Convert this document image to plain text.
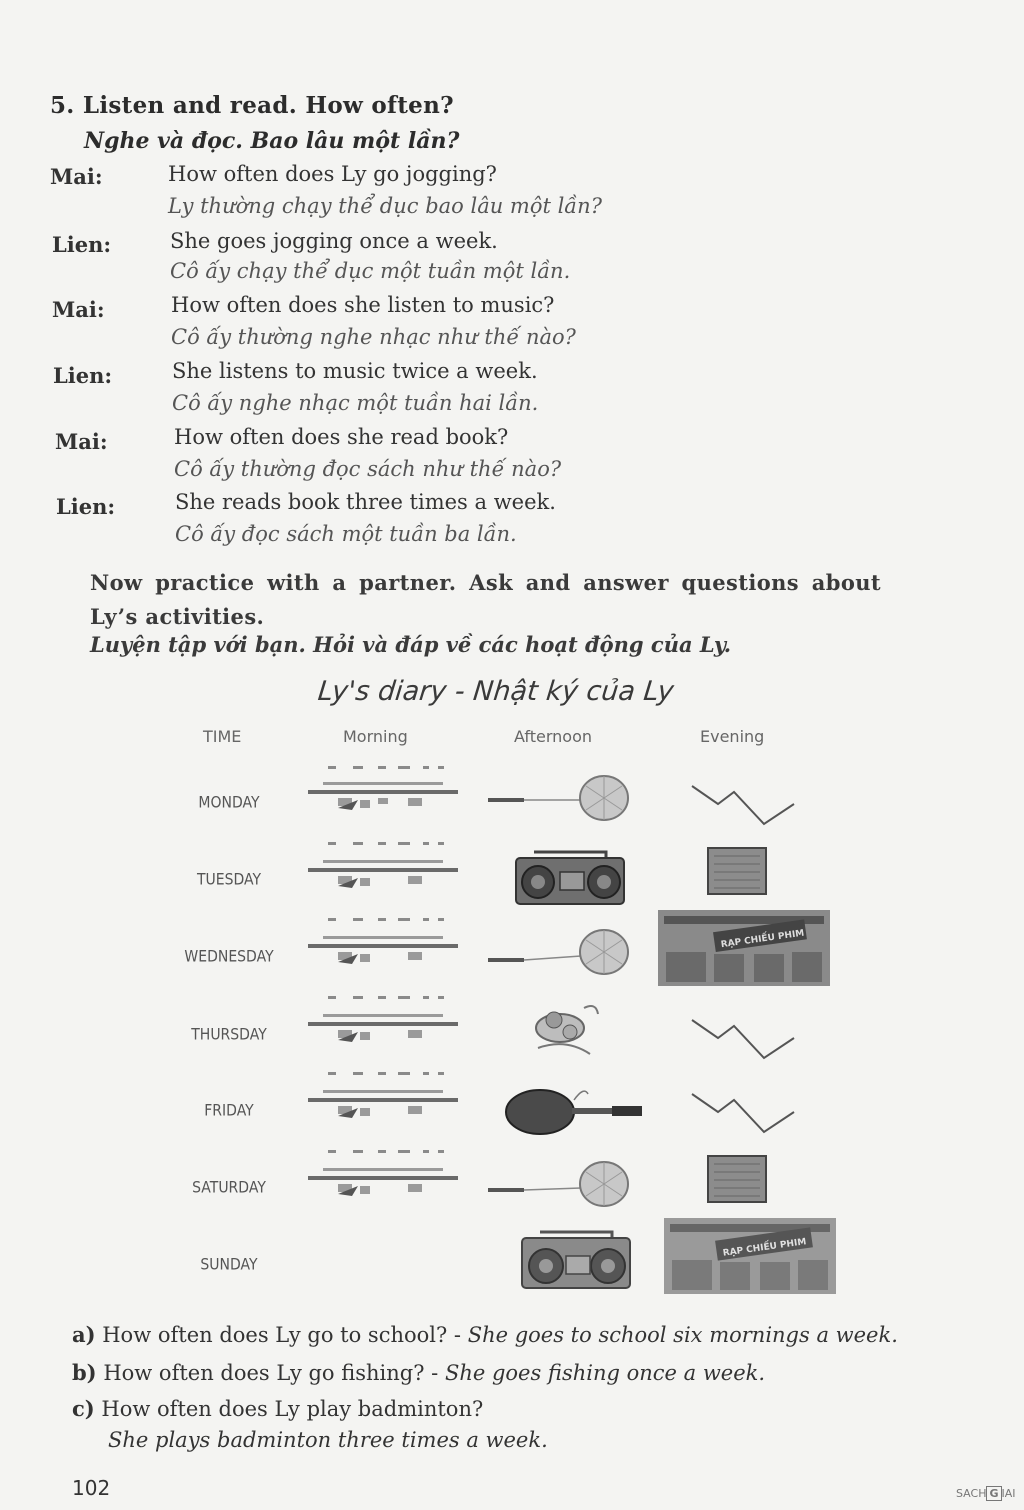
5. Listen and read. How often?
Nghe và đọc. Bao lâu một lần?
Mai:	How often does Ly go jogging?
Ly thường chạy thể dục bao lâu một lần?
Lien:	She goes jogging once a week.
Cô ấy chạy thể dục một tuần một lần.
Mai:	How often does she listen to music?
Cô ấy thường nghe nhạc như thế nào?
Lien:	She listens to music twice a week.
Cô ấy nghe nhạc một tuần hai lần.
Mai:	How often does she read book?
Cô ấy thường đọc sách như thế nào?
Lien:	She reads book three times a week.
Cô ấy đọc sách một tuần ba lần.
Now practice with a partner. Ask and answer questions about
Ly’s activities.
Luyện tập với bạn. Hỏi và đáp về các hoạt động của Ly.
Ly's diary - Nhật ký của Ly
TIME	Morning	Afternoon	Evening
MONDAY
TUESDAY
WEDNESDAY
THURSDAY
FRIDAY
SATURDAY
SUNDAY
RẠP CHIẾU PHIM
RẠP CHIẾU PHIM
a) How often does Ly go to school? - She goes to school six mornings a week.
b) How often does Ly go fishing? - She goes fishing once a week.
c) How often does Ly play badminton?
She plays badminton three times a week.
102	SACH G IAI
